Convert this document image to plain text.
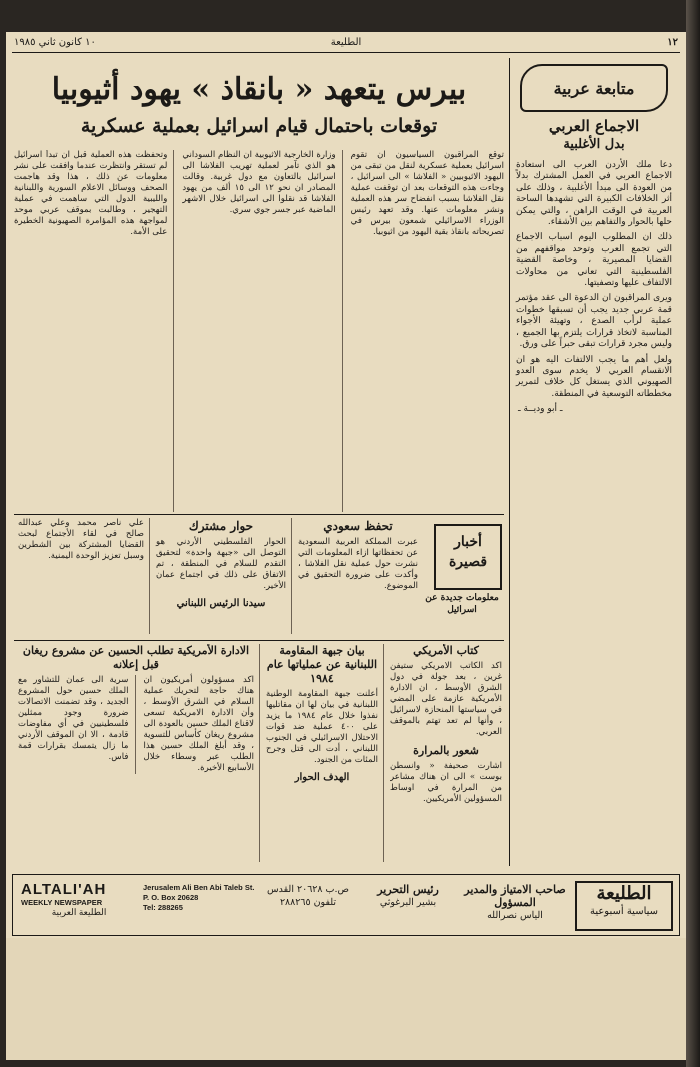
١٢
الطليعة
١٠ كانون ثاني ١٩٨٥
متابعة عربية
الاجماع العربي
بدل الأغلبية

دعا ملك الأردن العرب الى استعادة الاجماع العربي في العمل المشترك بدلاً من العودة الى مبدأ الأغلبية ، وذلك على أثر الخلافات الكبيرة التي تشهدها الساحة العربية في الوقت الراهن ، والتي يمكن حلها بالحوار والتفاهم بين الأشقاء.

ذلك ان المطلوب اليوم اسباب الاجماع التي تجمع العرب وتوحد مواقفهم من القضايا المصيرية ، وخاصة القضية الفلسطينية التي تعاني من محاولات الالتفاف عليها وتصفيتها.

ويرى المراقبون ان الدعوة الى عقد مؤتمر قمة عربي جديد يجب أن تسبقها خطوات عملية لرأب الصدع ، وتهيئة الأجواء المناسبة لاتخاذ قرارات يلتزم بها الجميع ، وليس مجرد قرارات تبقى حبراً على ورق.

ولعل أهم ما يجب الالتفات اليه هو ان الانقسام العربي لا يخدم سوى العدو الصهيوني الذي يستغل كل خلاف لتمرير مخططاته التوسعية في المنطقة.

ـ أبو وديــة ـ
بيرس يتعهد « بانقاذ » يهود أثيوبيا
توقعات باحتمال قيام اسرائيل بعملية عسكرية
توقع المراقبون السياسيون ان تقوم اسرائيل بعملية عسكرية لنقل من تبقى من اليهود الاثيوبيين « الفلاشا » الى اسرائيل ، وجاءت هذه التوقعات بعد ان توقفت عملية نقل الفلاشا بسبب انفضاح سر هذه العملية ونشر معلومات عنها. وقد تعهد رئيس الوزراء الاسرائيلي شمعون بيرس في تصريحاته بانقاذ بقية اليهود من اثيوبيا.
وزارة الخارجية الاثيوبية ان النظام السوداني هو الذي تآمر لعملية تهريب الفلاشا الى اسرائيل بالتعاون مع دول غربية. وقالت المصادر ان نحو ١٢ الى ١٥ ألف من يهود الفلاشا قد نقلوا الى اسرائيل خلال الاشهر الماضية عبر جسر جوي سري.
وتحفظت هذه العملية قبل ان تبدأ اسرائيل لم تستقر وانتظرت عندما وافقت على نشر معلومات عن ذلك ، هذا وقد هاجمت الصحف ووسائل الاعلام السورية واللبنانية والليبية الدول التي ساهمت في عملية التهجير ، وطالبت بموقف عربي موحد لمواجهة هذه المؤامرة الصهيونية الخطيرة على الأمة.
أخبار قصيرة
معلومات جديدة عن اسرائيل
تحفظ سعودي
عبرت المملكة العربية السعودية عن تحفظاتها ازاء المعلومات التي نشرت حول عملية نقل الفلاشا ، وأكدت على ضرورة التحقيق في الموضوع.
حوار مشترك
الحوار الفلسطيني الأردني هو التوصل الى «جبهة واحدة» لتحقيق التقدم للسلام في المنطقة ، تم الاتفاق على ذلك في اجتماع عمان الأخير.
سيدنا الرئيس اللبناني
علي ناصر محمد وعلي عبدالله صالح في لقاء الأجتماع لبحث القضايا المشتركة بين الشطرين وسبل تعزيز الوحدة اليمنية.
كتاب الأمريكي
اكد الكاتب الامريكي ستيفن غرين ، بعد جولة في دول الشرق الأوسط ، ان الادارة الأمريكية عازمة على المضي في سياستها المنحازة لاسرائيل ، وأنها لم تعد تهتم بالموقف العربي.
شعور بالمرارة
اشارت صحيفة « وانسطن بوست » الى ان هناك مشاعر من المرارة في اوساط المسؤولين الأمريكيين.
بيان جبهة المقاومة اللبنانية عن عملياتها عام ١٩٨٤
أعلنت جبهة المقاومة الوطنية اللبنانية في بيان لها ان مقاتليها نفذوا خلال عام ١٩٨٤ ما يزيد على ٤٠٠ عملية ضد قوات الاحتلال الاسرائيلي في الجنوب اللبناني ، أدت الى قتل وجرح المئات من الجنود.
الهدف الحوار
الادارة الأمريكية تطلب الحسين عن مشروع ريغان قبل إعلانه
اكد مسؤولون أمريكيون ان هناك حاجة لتحريك عملية السلام في الشرق الأوسط ، وأن الادارة الامريكية تسعى لاقناع الملك حسين بالعودة الى مشروع ريغان كأساس للتسوية ، وقد أبلغ الملك حسين هذا الطلب عبر وسطاء خلال الأسابيع الأخيرة.
سرية الى عمان للتشاور مع الملك حسين حول المشروع الجديد ، وقد تضمنت الاتصالات ضرورة وجود ممثلين فلسطينيين في أي مفاوضات قادمة ، الا ان الموقف الأردني ما زال يتمسك بقرارات قمة فاس.
الطليعة
سياسية أسبوعية
صاحب الامتياز والمدير المسؤول
الياس نصرالله
رئيس التحرير
بشير البرغوثي
ص.ب ٢٠٦٢٨ القدس
تلفون ٢٨٨٢٦٥
Jerusalem Ali Ben Abi Taleb St.
P. O. Box 20628
Tel: 288265
ALTALI'AH
WEEKLY NEWSPAPER
الطليعة العربية
